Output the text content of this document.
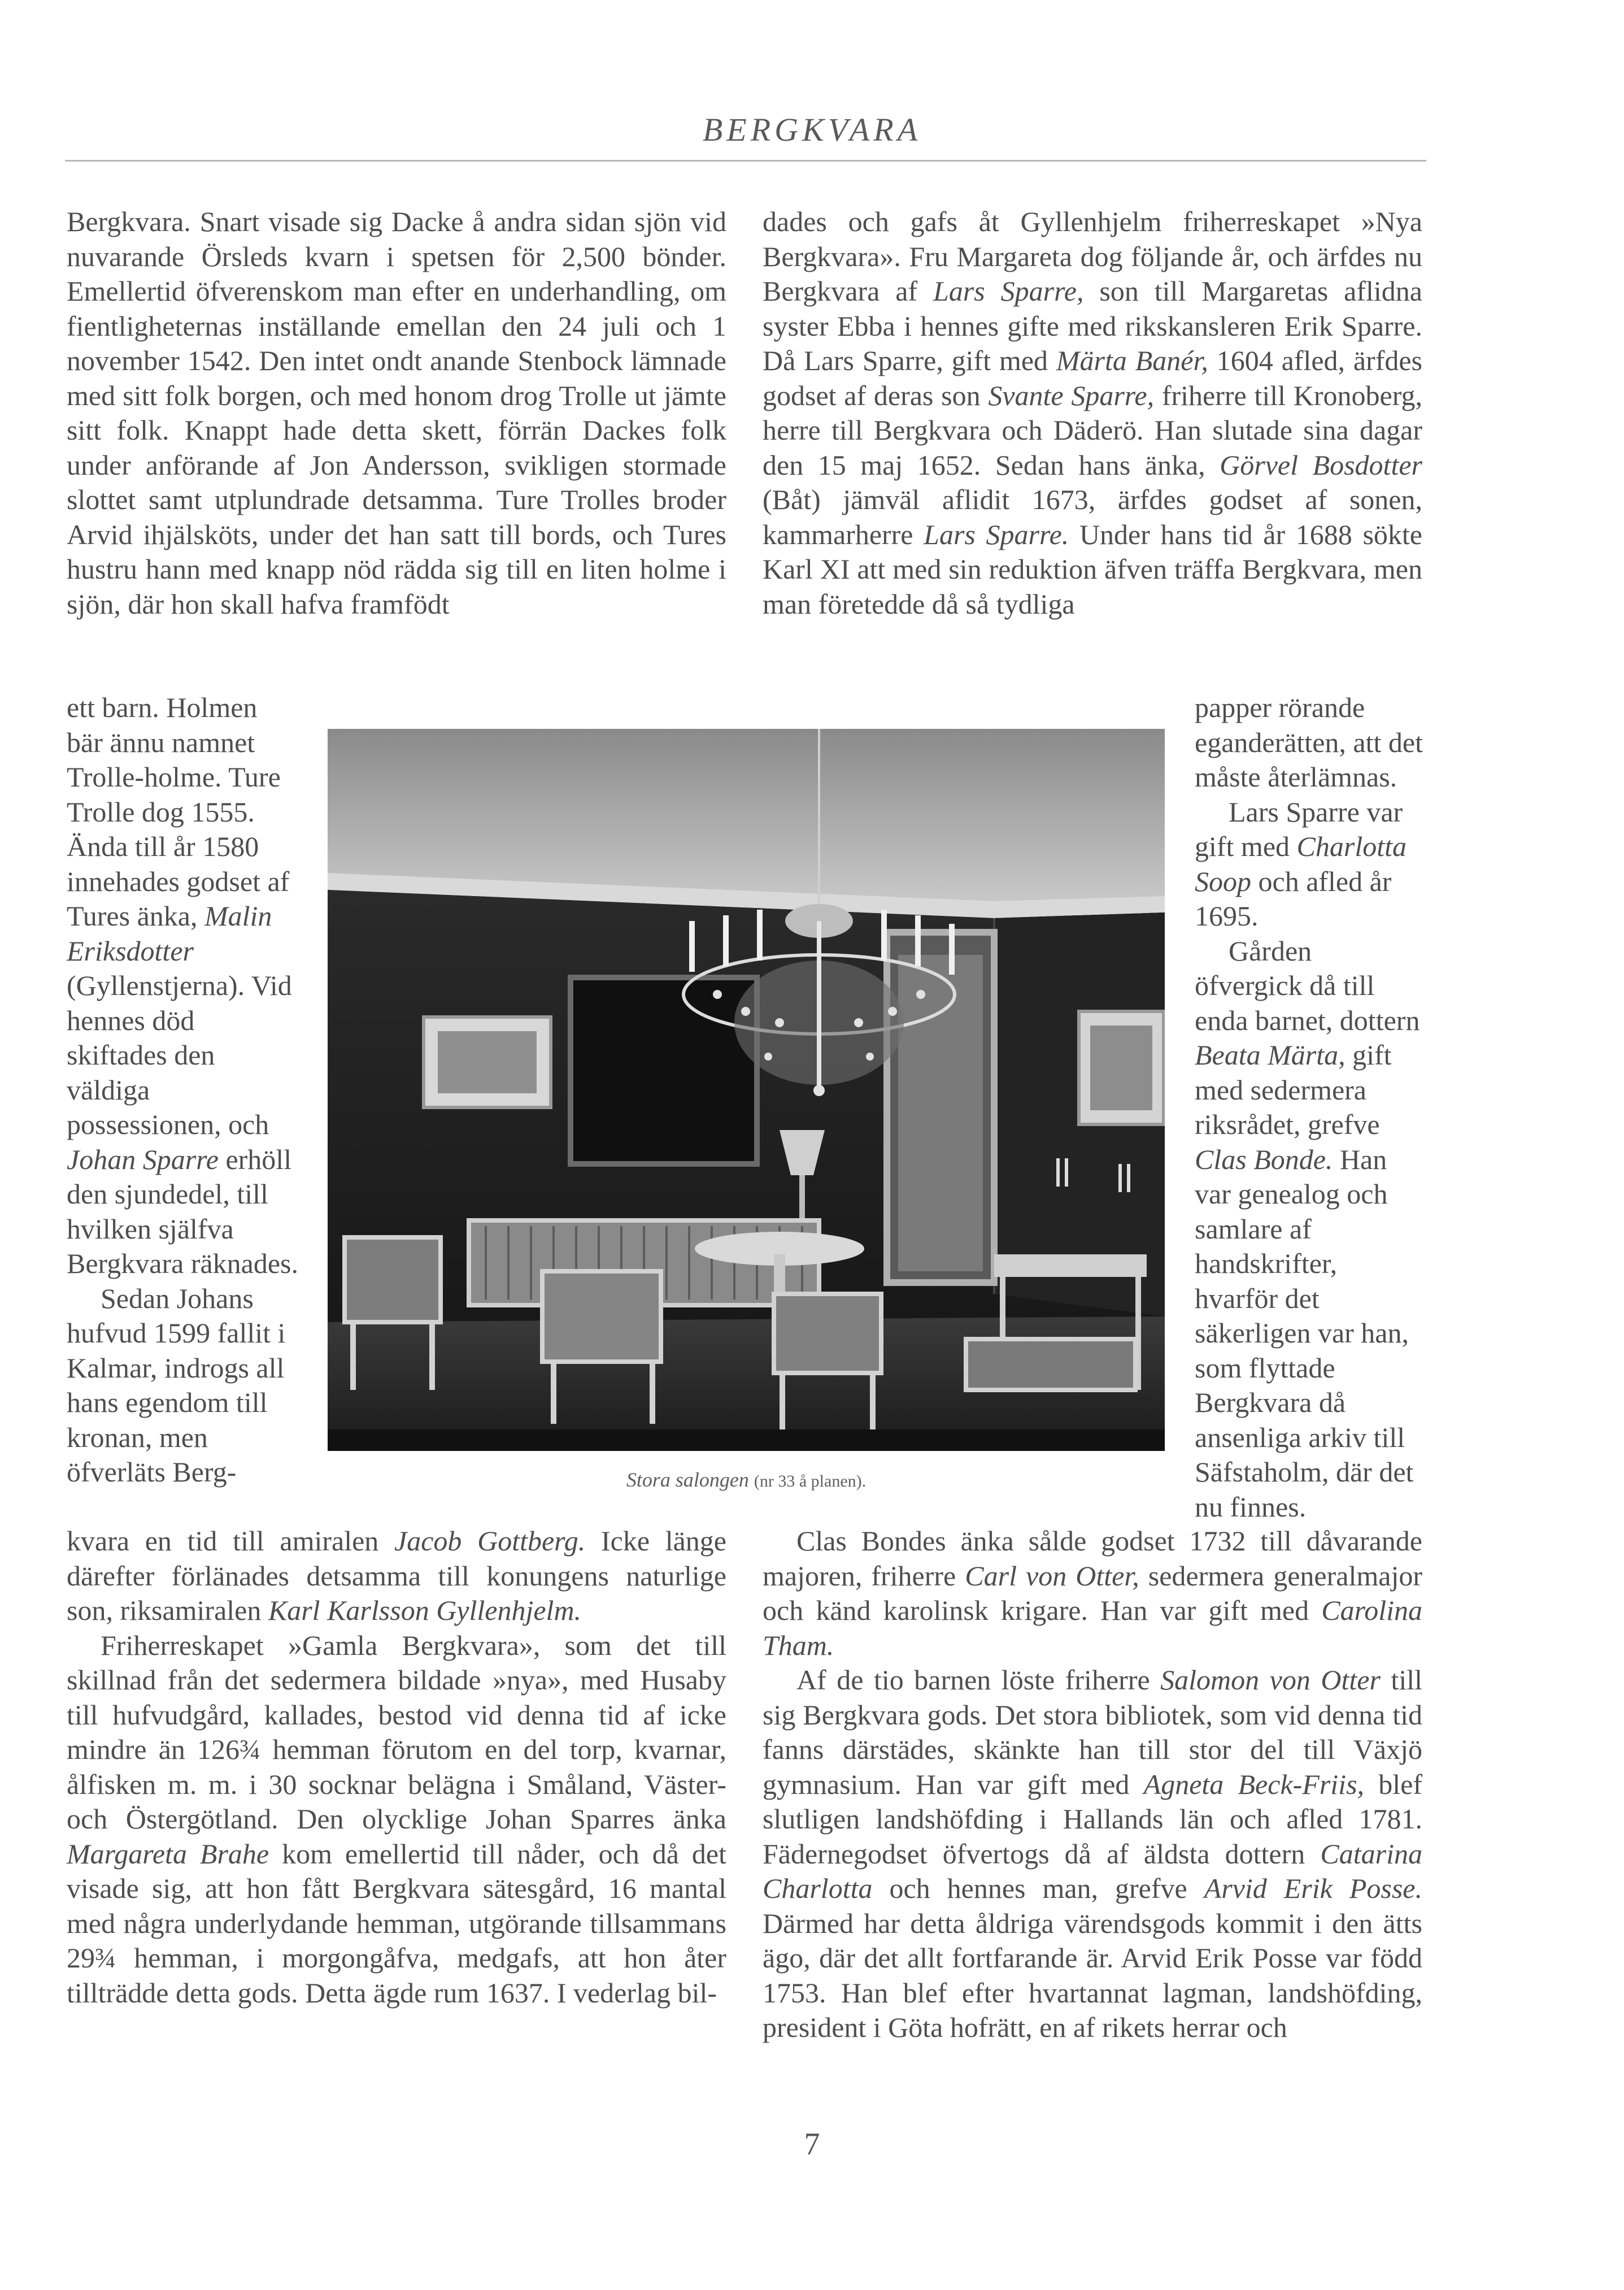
BERGKVARA

Bergkvara. Snart visade sig Dacke å andra sidan sjön vid nuvarande Örsleds kvarn i spetsen för 2,500 bönder. Emellertid öfverenskom man efter en underhandling, om fientligheternas inställande emellan den 24 juli och 1 november 1542. Den intet ondt anande Stenbock lämnade med sitt folk borgen, och med honom drog Trolle ut jämte sitt folk. Knappt hade detta skett, förrän Dackes folk under anförande af Jon Andersson, svikligen stormade slottet samt utplundrade detsamma. Ture Trolles broder Arvid ihjälsköts, under det han satt till bords, och Tures hustru hann med knapp nöd rädda sig till en liten holme i sjön, där hon skall hafva framfödt

ett barn. Holmen bär ännu namnet Trolle-holme. Ture Trolle dog 1555. Ända till år 1580 innehades godset af Tures änka, Malin Eriksdotter (Gyllenstjerna). Vid hennes död skiftades den väldiga possessionen, och Johan Sparre erhöll den sjundedel, till hvilken själfva Bergkvara räknades.

Sedan Johans hufvud 1599 fallit i Kalmar, indrogs all hans egendom till kronan, men öfverläts Berg-	Stora salongen (nr 33 å planen).

kvara en tid till amiralen Jacob Gottberg. Icke länge därefter förlänades detsamma till konungens naturlige son, riksamiralen Karl Karlsson Gyllenhjelm.

Friherreskapet »Gamla Bergkvara», som det till skillnad från det sedermera bildade »nya», med Husaby till hufvudgård, kallades, bestod vid denna tid af icke mindre än 126¾ hemman förutom en del torp, kvarnar, ålfisken m. m. i 30 socknar belägna i Småland, Väster- och Östergötland. Den olycklige Johan Sparres änka Margareta Brahe kom emellertid till nåder, och då det visade sig, att hon fått Bergkvara sätesgård, 16 mantal med några underlydande hemman, utgörande tillsammans 29¾ hemman, i morgongåfva, medgafs, att hon åter tillträdde detta gods. Detta ägde rum 1637. I vederlag bil-

dades och gafs åt Gyllenhjelm friherreskapet »Nya Bergkvara». Fru Margareta dog följande år, och ärfdes nu Bergkvara af Lars Sparre, son till Margaretas aflidna syster Ebba i hennes gifte med rikskansleren Erik Sparre. Då Lars Sparre, gift med Märta Banér, 1604 afled, ärfdes godset af deras son Svante Sparre, friherre till Kronoberg, herre till Bergkvara och Däderö. Han slutade sina dagar den 15 maj 1652. Sedan hans änka, Görvel Bosdotter (Båt) jämväl aflidit 1673, ärfdes godset af sonen, kammarherre Lars Sparre. Under hans tid år 1688 sökte Karl XI att med sin reduktion äfven träffa Bergkvara, men man företedde då så tydliga

papper rörande eganderätten, att det måste återlämnas.

Lars Sparre var gift med Charlotta Soop och afled år 1695.

Gården öfvergick då till enda barnet, dottern Beata Märta, gift med sedermera riksrådet, grefve Clas Bonde. Han var genealog och samlare af handskrifter, hvarför det säkerligen var han, som flyttade Bergkvara då ansenliga arkiv till Säfstaholm, där det nu finnes.

Clas Bondes änka sålde godset 1732 till dåvarande majoren, friherre Carl von Otter, sedermera generalmajor och känd karolinsk krigare. Han var gift med Carolina Tham.

Af de tio barnen löste friherre Salomon von Otter till sig Bergkvara gods. Det stora bibliotek, som vid denna tid fanns därstädes, skänkte han till stor del till Växjö gymnasium. Han var gift med Agneta Beck-Friis, blef slutligen landshöfding i Hallands län och afled 1781. Fädernegodset öfvertogs då af äldsta dottern Catarina Charlotta och hennes man, grefve Arvid Erik Posse. Därmed har detta åldriga värendsgods kommit i den ätts ägo, där det allt fortfarande är. Arvid Erik Posse var född 1753. Han blef efter hvartannat lagman, landshöfding, president i Göta hofrätt, en af rikets herrar och

7
